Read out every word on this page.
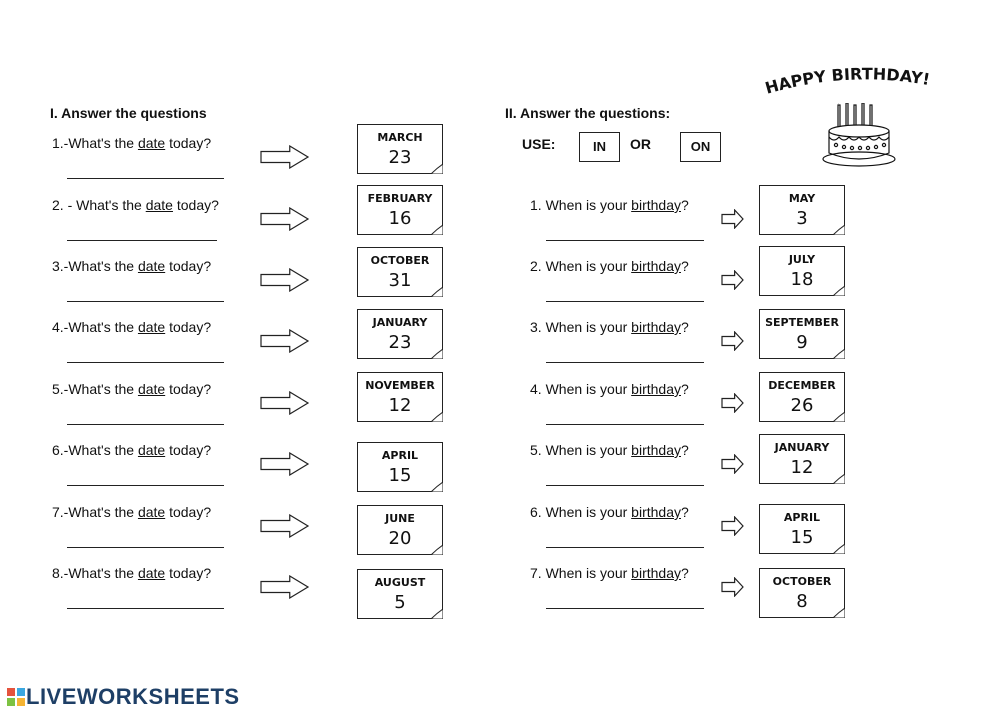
HAPPY BIRTHDAY!
I. Answer the questions	II. Answer the questions:
USE:	IN	OR	ON
1.-What's the date today?	MARCH
23
2. - What's the date today?	FEBRUARY
16
3.-What's the date today?	OCTOBER
31
4.-What's the date today?	JANUARY
23
5.-What's the date today?	NOVEMBER
12
6.-What's the date today?	APRIL
15
7.-What's the date today?	JUNE
20
8.-What's the date today?
AUGUST
5
1. When is your birthday?	MAY
3
2. When is your birthday?	JULY
18
3. When is your birthday?	SEPTEMBER
9
4. When is your birthday?	DECEMBER
26
5. When is your birthday?	JANUARY
12
6. When is your birthday?	APRIL
15
7. When is your birthday?
OCTOBER
8
LIVEWORKSHEETS
